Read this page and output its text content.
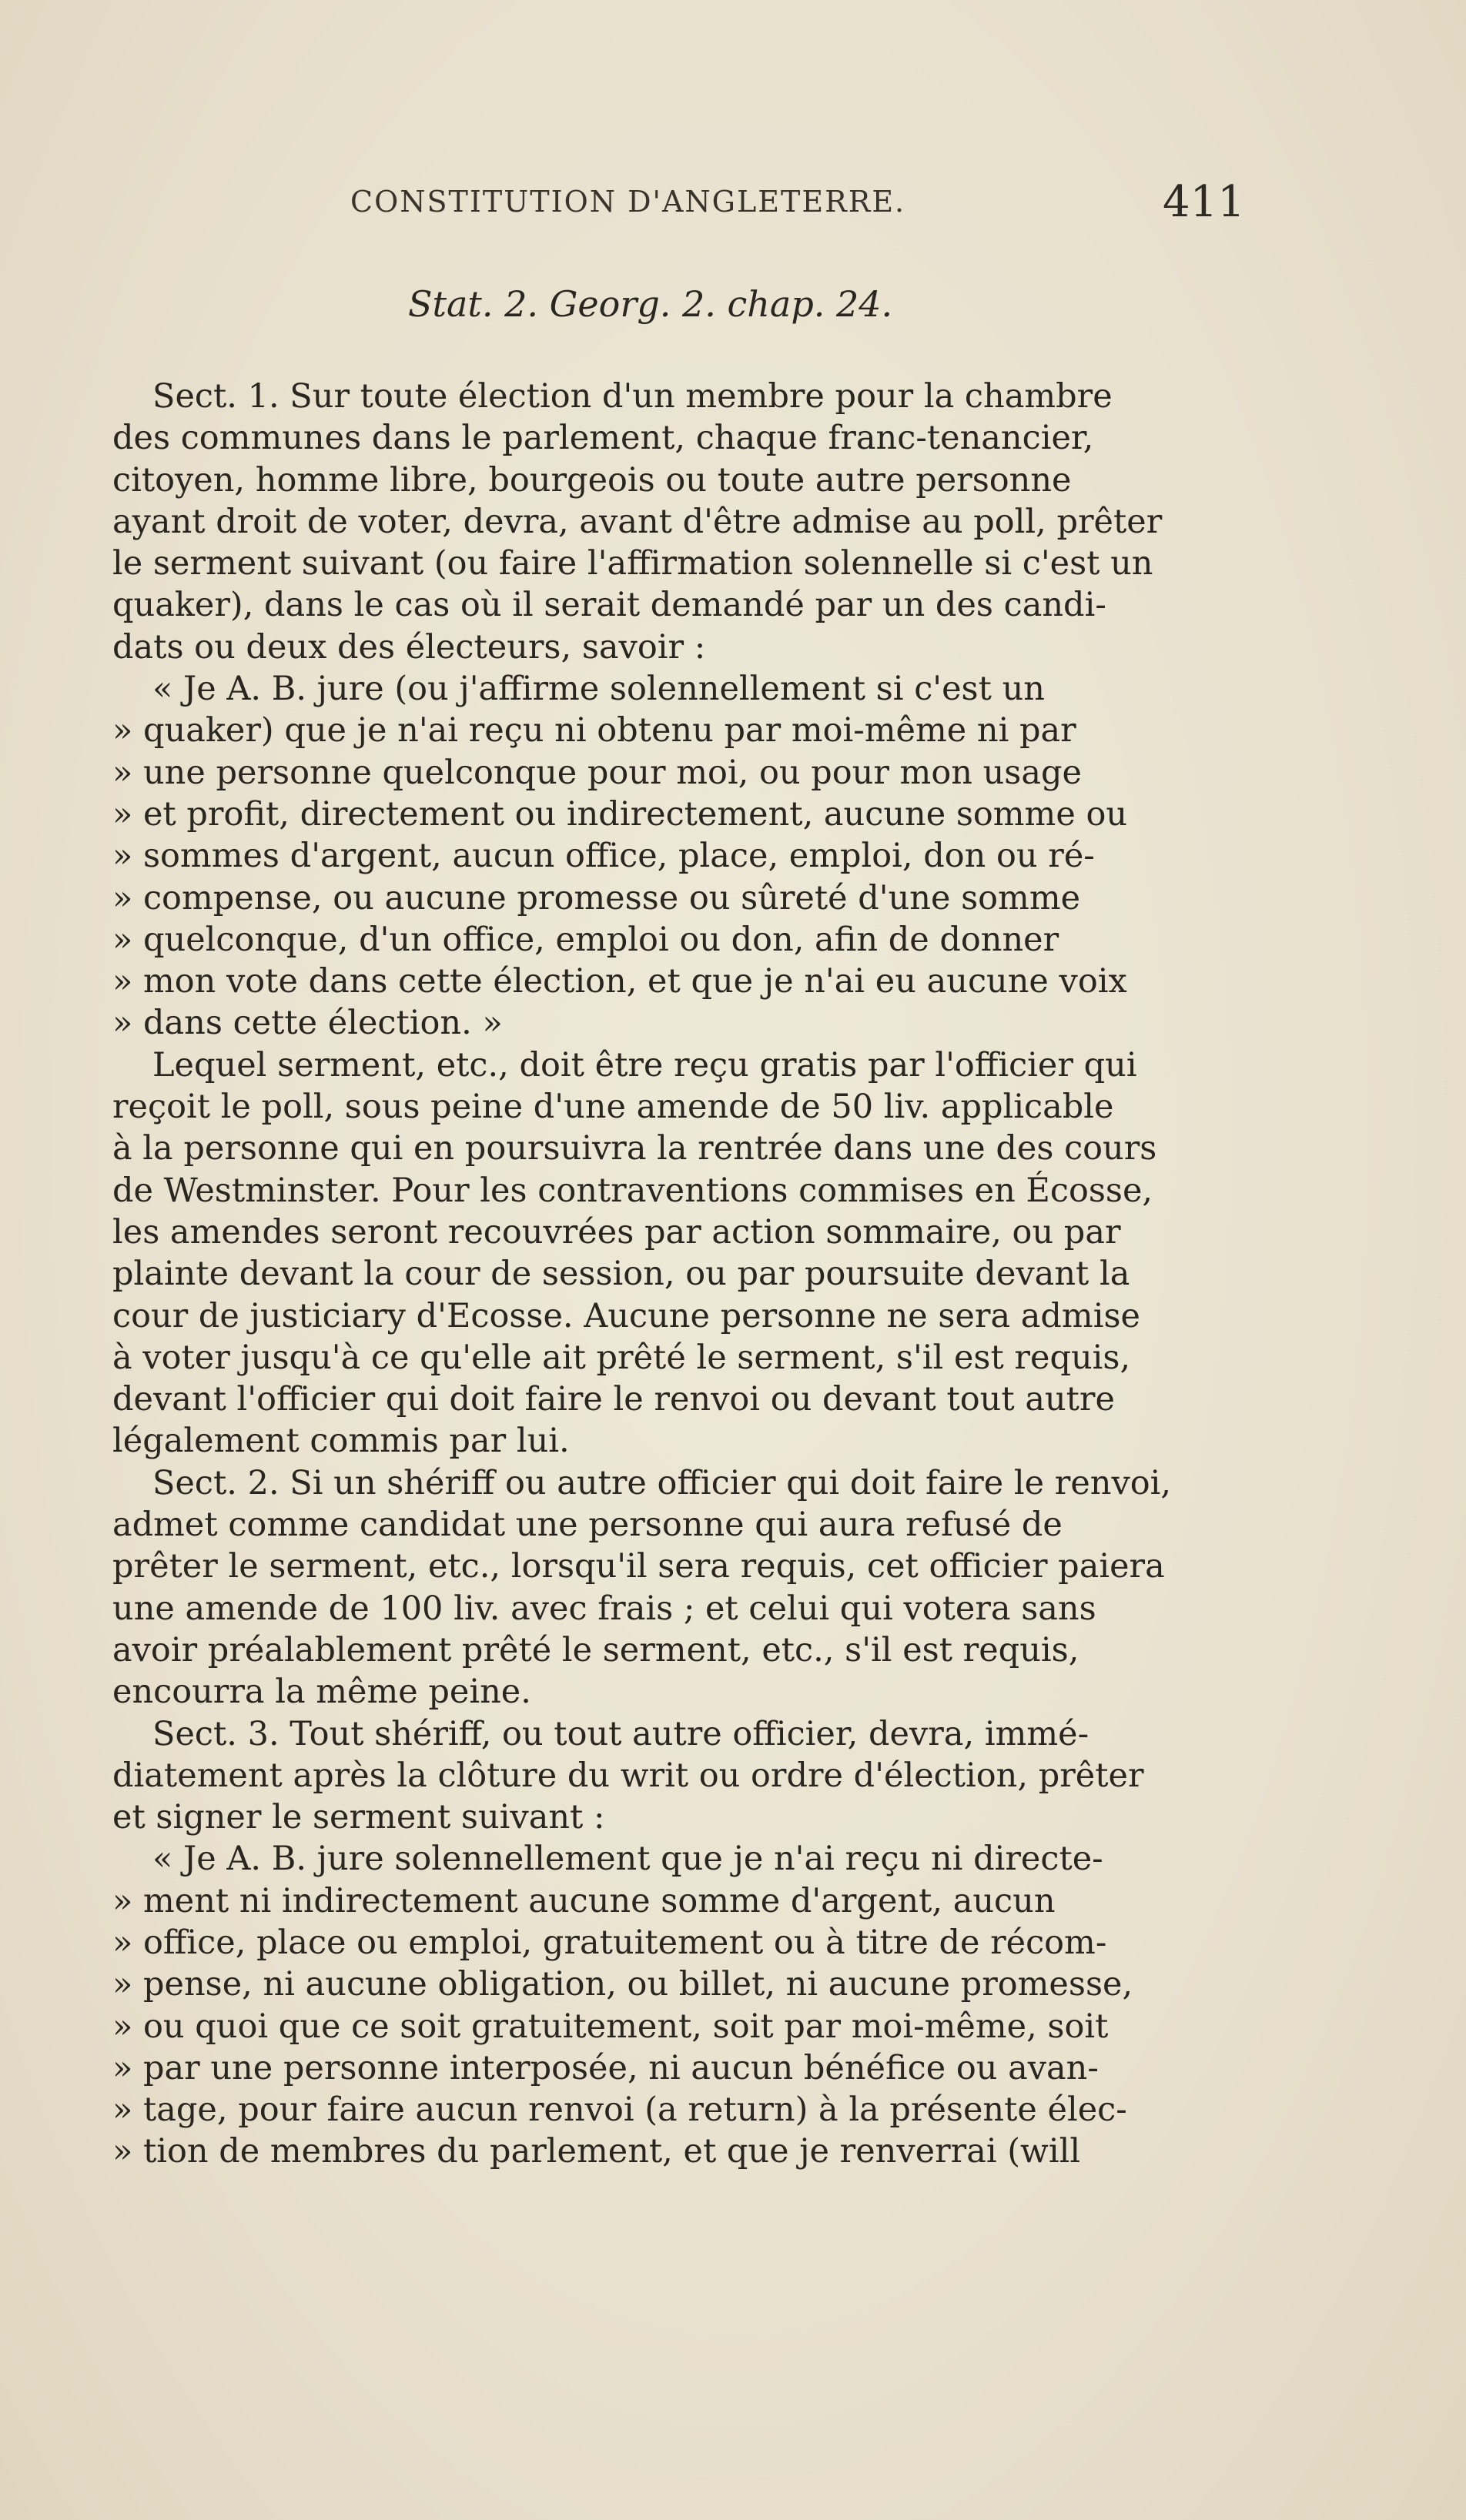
CONSTITUTION D'ANGLETERRE.	411
Stat. 2. Georg. 2. chap. 24.
Sect. 1. Sur toute élection d'un membre pour la chambre
des communes dans le parlement, chaque franc-tenancier,
citoyen, homme libre, bourgeois ou toute autre personne
ayant droit de voter, devra, avant d'être admise au poll, prêter
le serment suivant (ou faire l'affirmation solennelle si c'est un
quaker), dans le cas où il serait demandé par un des candi-
dats ou deux des électeurs, savoir :
« Je A. B. jure (ou j'affirme solennellement si c'est un
» quaker) que je n'ai reçu ni obtenu par moi-même ni par
» une personne quelconque pour moi, ou pour mon usage
» et profit, directement ou indirectement, aucune somme ou
» sommes d'argent, aucun office, place, emploi, don ou ré-
» compense, ou aucune promesse ou sûreté d'une somme
» quelconque, d'un office, emploi ou don, afin de donner
» mon vote dans cette élection, et que je n'ai eu aucune voix
» dans cette élection. »
Lequel serment, etc., doit être reçu gratis par l'officier qui
reçoit le poll, sous peine d'une amende de 50 liv. applicable
à la personne qui en poursuivra la rentrée dans une des cours
de Westminster. Pour les contraventions commises en Écosse,
les amendes seront recouvrées par action sommaire, ou par
plainte devant la cour de session, ou par poursuite devant la
cour de justiciary d'Ecosse. Aucune personne ne sera admise
à voter jusqu'à ce qu'elle ait prêté le serment, s'il est requis,
devant l'officier qui doit faire le renvoi ou devant tout autre
légalement commis par lui.
Sect. 2. Si un shériff ou autre officier qui doit faire le renvoi,
admet comme candidat une personne qui aura refusé de
prêter le serment, etc., lorsqu'il sera requis, cet officier paiera
une amende de 100 liv. avec frais ; et celui qui votera sans
avoir préalablement prêté le serment, etc., s'il est requis,
encourra la même peine.
Sect. 3. Tout shériff, ou tout autre officier, devra, immé-
diatement après la clôture du writ ou ordre d'élection, prêter
et signer le serment suivant :
« Je A. B. jure solennellement que je n'ai reçu ni directe-
» ment ni indirectement aucune somme d'argent, aucun
» office, place ou emploi, gratuitement ou à titre de récom-
» pense, ni aucune obligation, ou billet, ni aucune promesse,
» ou quoi que ce soit gratuitement, soit par moi-même, soit
» par une personne interposée, ni aucun bénéfice ou avan-
» tage, pour faire aucun renvoi (a return) à la présente élec-
» tion de membres du parlement, et que je renverrai (will
